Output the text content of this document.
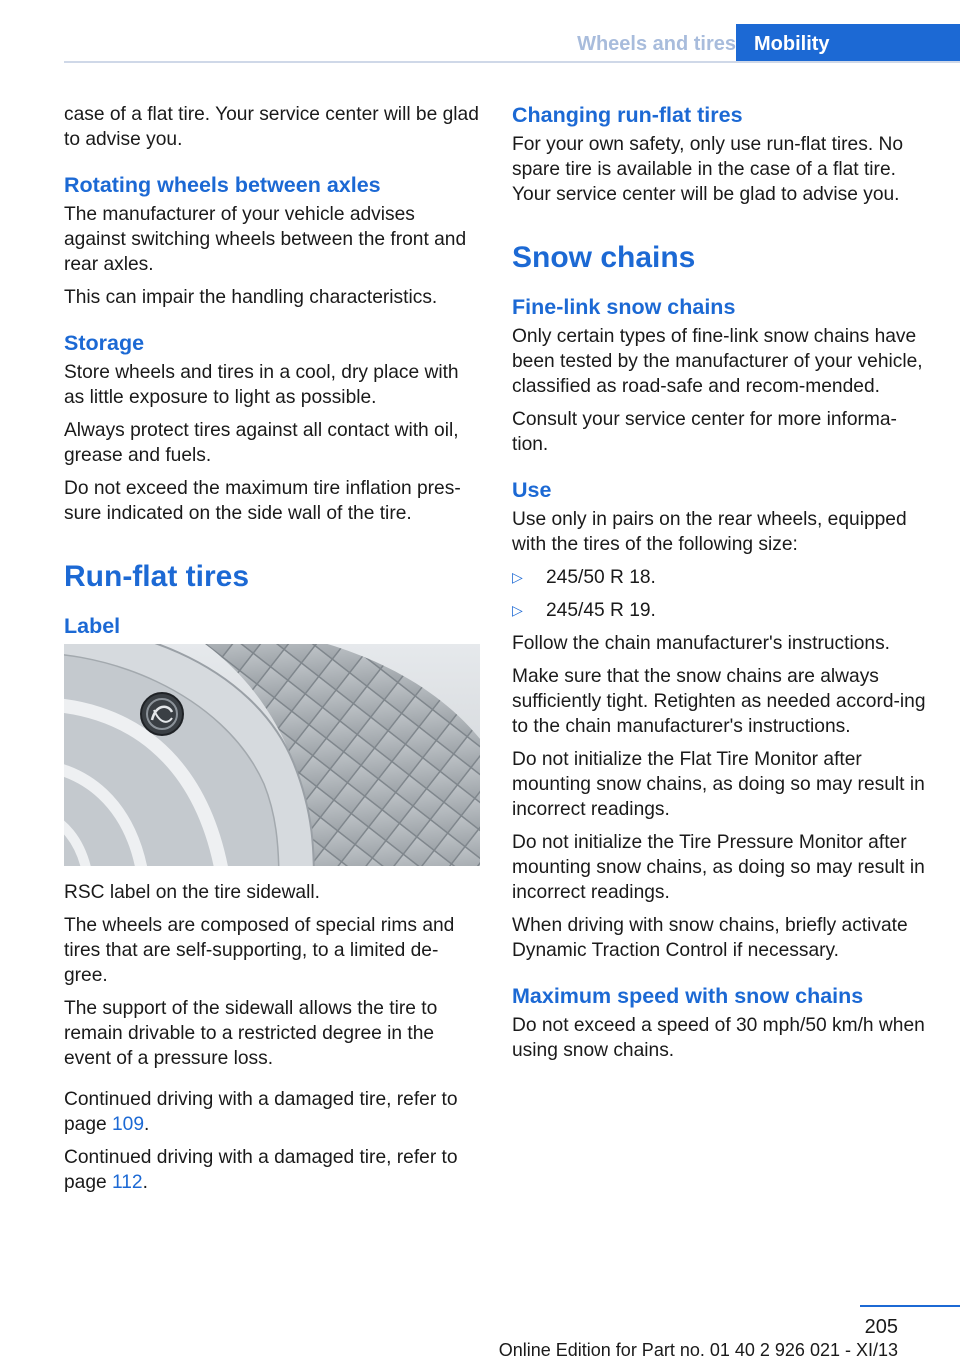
Wheels and tires Mobility

case of a flat tire. Your service center will be glad to advise you.

Rotating wheels between axles

The manufacturer of your vehicle advises against switching wheels between the front and rear axles.

This can impair the handling characteristics.

Storage

Store wheels and tires in a cool, dry place with as little exposure to light as possible.

Always protect tires against all contact with oil, grease and fuels.

Do not exceed the maximum tire inflation pres‐sure indicated on the side wall of the tire.

Run-flat tires
Label

RSC label on the tire sidewall.

The wheels are composed of special rims and tires that are self-supporting, to a limited de‐gree.

The support of the sidewall allows the tire to remain drivable to a restricted degree in the event of a pressure loss.

Continued driving with a damaged tire, refer to page 109.

Continued driving with a damaged tire, refer to page 112.

Changing run-flat tires

For your own safety, only use run-flat tires. No spare tire is available in the case of a flat tire. Your service center will be glad to advise you.

Snow chains
Fine-link snow chains

Only certain types of fine-link snow chains have been tested by the manufacturer of your vehicle, classified as road-safe and recom‐mended.

Consult your service center for more informa‐tion.

Use

Use only in pairs on the rear wheels, equipped with the tires of the following size:

▷	245/50 R 18.
▷	245/45 R 19.

Follow the chain manufacturer's instructions.

Make sure that the snow chains are always sufficiently tight. Retighten as needed accord‐ing to the chain manufacturer's instructions.

Do not initialize the Flat Tire Monitor after mounting snow chains, as doing so may result in incorrect readings.

Do not initialize the Tire Pressure Monitor after mounting snow chains, as doing so may result in incorrect readings.

When driving with snow chains, briefly activate Dynamic Traction Control if necessary.

Maximum speed with snow chains

Do not exceed a speed of 30 mph/50 km/h when using snow chains.

205
Online Edition for Part no. 01 40 2 926 021 - XI/13
